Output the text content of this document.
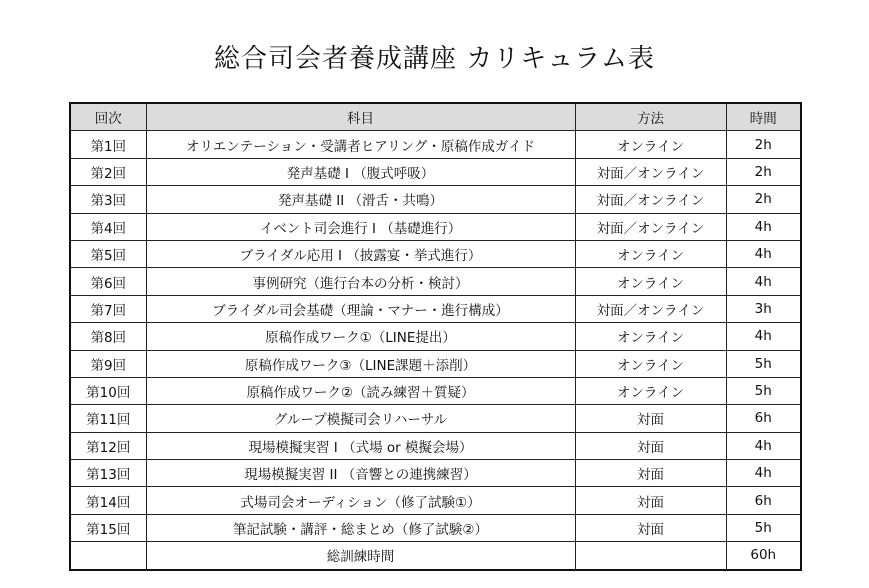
総合司会者養成講座 カリキュラム表
回次	科目	方法	時間
第1回	オリエンテーション・受講者ヒアリング・原稿作成ガイド	オンライン	2h
第2回	発声基礎 I （腹式呼吸）	対面／オンライン	2h
第3回	発声基礎 II （滑舌・共鳴）	対面／オンライン	2h
第4回	イベント司会進行 I （基礎進行）	対面／オンライン	4h
第5回	ブライダル応用 I （披露宴・挙式進行）	オンライン	4h
第6回	事例研究（進行台本の分析・検討）	オンライン	4h
第7回	ブライダル司会基礎（理論・マナー・進行構成）	対面／オンライン	3h
第8回	原稿作成ワーク①（LINE提出）	オンライン	4h
第9回	原稿作成ワーク③（LINE課題＋添削）	オンライン	5h
第10回	原稿作成ワーク②（読み練習＋質疑）	オンライン	5h
第11回	グループ模擬司会リハーサル	対面	6h
第12回	現場模擬実習 I （式場 or 模擬会場）	対面	4h
第13回	現場模擬実習 II （音響との連携練習）	対面	4h
第14回	式場司会オーディション（修了試験①）	対面	6h
第15回	筆記試験・講評・総まとめ（修了試験②）	対面	5h
	総訓練時間		60h
